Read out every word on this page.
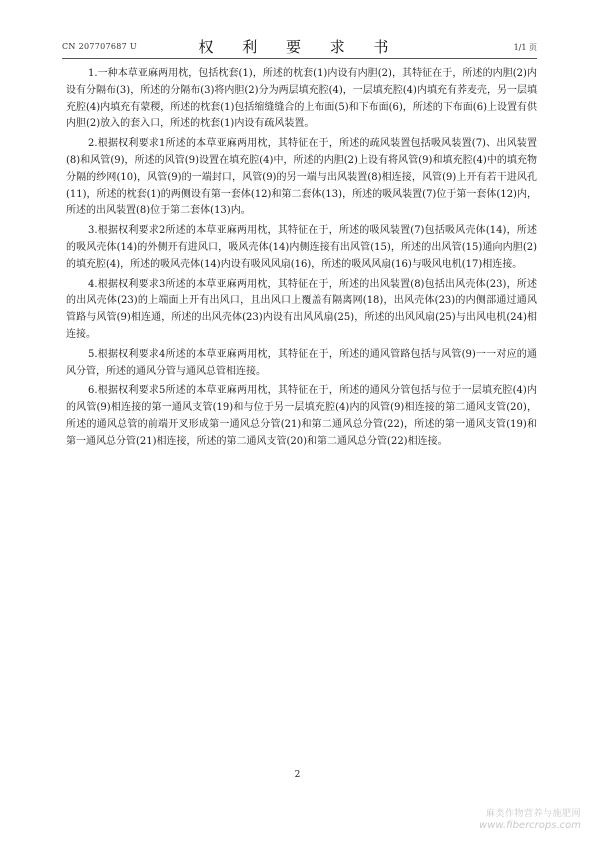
CN 207707687 U	权 利 要 求 书	1/1 页

1.一种本草亚麻两用枕，包括枕套(1)，所述的枕套(1)内设有内胆(2)，其特征在于，所述的内胆(2)内设有分隔布(3)，所述的分隔布(3)将内胆(2)分为两层填充腔(4)，一层填充腔(4)内填充有荞麦壳，另一层填充腔(4)内填充有蒙稷，所述的枕套(1)包括缩缝缝合的上布面(5)和下布面(6)，所述的下布面(6)上设置有供内胆(2)放入的套入口，所述的枕套(1)内设有疏风装置。

2.根据权利要求1所述的本草亚麻两用枕，其特征在于，所述的疏风装置包括吸风装置(7)、出风装置(8)和风管(9)，所述的风管(9)设置在填充腔(4)中，所述的内胆(2)上设有将风管(9)和填充腔(4)中的填充物分隔的纱网(10)，风管(9)的一端封口，风管(9)的另一端与出风装置(8)相连接，风管(9)上开有若干进风孔(11)，所述的枕套(1)的两侧设有第一套体(12)和第二套体(13)，所述的吸风装置(7)位于第一套体(12)内，所述的出风装置(8)位于第二套体(13)内。

3.根据权利要求2所述的本草亚麻两用枕，其特征在于，所述的吸风装置(7)包括吸风壳体(14)，所述的吸风壳体(14)的外侧开有进风口，吸风壳体(14)内侧连接有出风管(15)，所述的出风管(15)通向内胆(2)的填充腔(4)，所述的吸风壳体(14)内设有吸风风扇(16)，所述的吸风风扇(16)与吸风电机(17)相连接。

4.根据权利要求3所述的本草亚麻两用枕，其特征在于，所述的出风装置(8)包括出风壳体(23)，所述的出风壳体(23)的上端面上开有出风口，且出风口上覆盖有隔离网(18)，出风壳体(23)的内侧部通过通风管路与风管(9)相连通，所述的出风壳体(23)内设有出风风扇(25)，所述的出风风扇(25)与出风电机(24)相连接。

5.根据权利要求4所述的本草亚麻两用枕，其特征在于，所述的通风管路包括与风管(9)一一对应的通风分管，所述的通风分管与通风总管相连接。

6.根据权利要求5所述的本草亚麻两用枕，其特征在于，所述的通风分管包括与位于一层填充腔(4)内的风管(9)相连接的第一通风支管(19)和与位于另一层填充腔(4)内的风管(9)相连接的第二通风支管(20)，所述的通风总管的前端开叉形成第一通风总分管(21)和第二通风总分管(22)，所述的第一通风支管(19)和第一通风总分管(21)相连接，所述的第二通风支管(20)和第二通风总分管(22)相连接。

2
麻类作物营养与施肥网
www.fibercrops.com
